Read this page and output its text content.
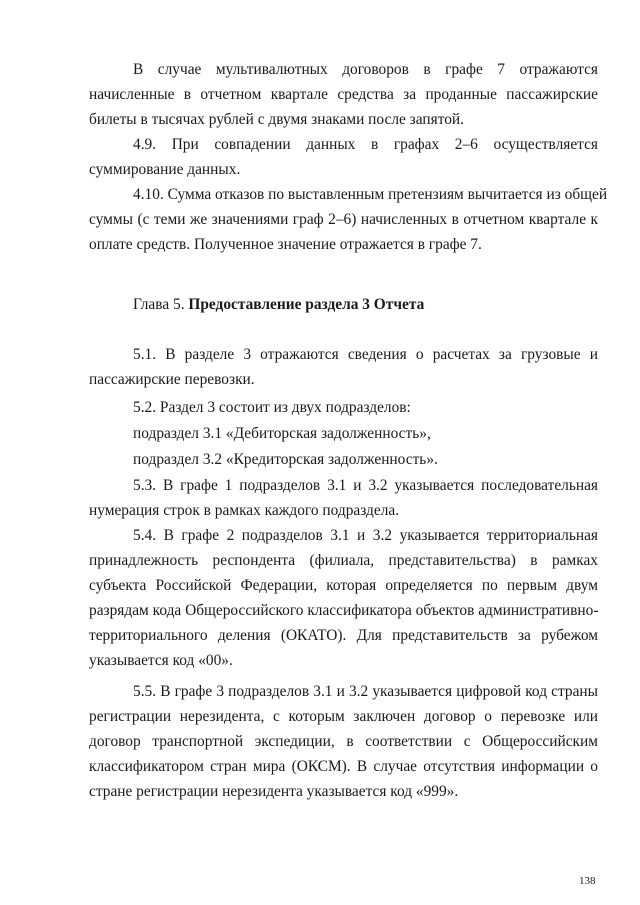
В случае мультивалютных договоров в графе 7 отражаются
начисленные в отчетном квартале средства за проданные пассажирские
билеты в тысячах рублей с двумя знаками после запятой.
4.9. При совпадении данных в графах 2–6 осуществляется
суммирование данных.
4.10. Сумма отказов по выставленным претензиям вычитается из общей
суммы (с теми же значениями граф 2–6) начисленных в отчетном квартале к
оплате средств. Полученное значение отражается в графе 7.
Глава 5. Предоставление раздела 3 Отчета
5.1. В разделе 3 отражаются сведения о расчетах за грузовые и
пассажирские перевозки.
5.2. Раздел 3 состоит из двух подразделов:
подраздел 3.1 «Дебиторская задолженность»,
подраздел 3.2 «Кредиторская задолженность».
5.3. В графе 1 подразделов 3.1 и 3.2 указывается последовательная
нумерация строк в рамках каждого подраздела.
5.4. В графе 2 подразделов 3.1 и 3.2 указывается территориальная
принадлежность респондента (филиала, представительства) в рамках
субъекта Российской Федерации, которая определяется по первым двум
разрядам кода Общероссийского классификатора объектов административно-
территориального деления (ОКАТО). Для представительств за рубежом
указывается код «00».
5.5. В графе 3 подразделов 3.1 и 3.2 указывается цифровой код страны
регистрации нерезидента, с которым заключен договор о перевозке или
договор транспортной экспедиции, в соответствии с Общероссийским
классификатором стран мира (ОКСМ). В случае отсутствия информации о
стране регистрации нерезидента указывается код «999».
138
